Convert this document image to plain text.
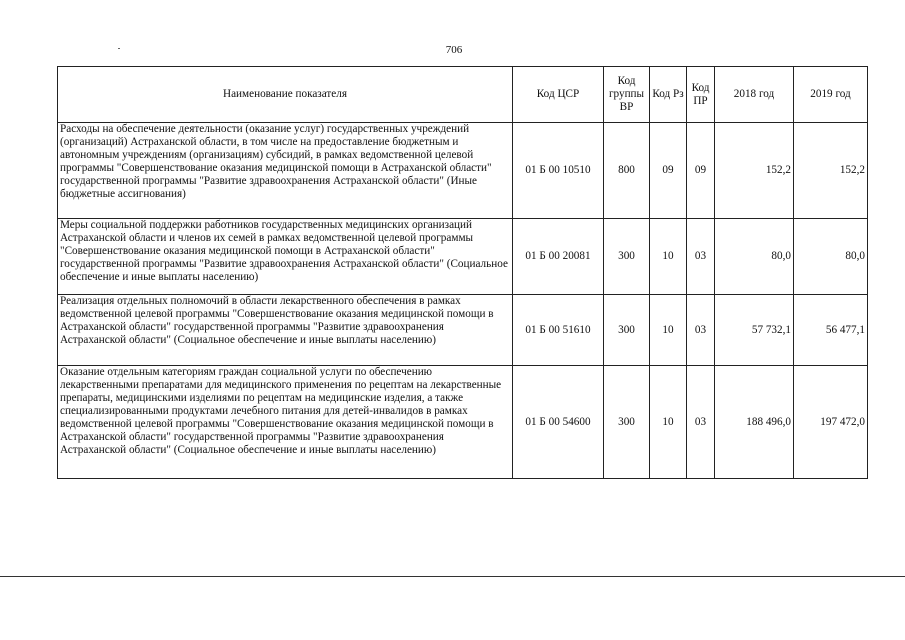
706
Наименование показателя	Код ЦСР	Код группы ВР	Код Рз	Код ПР	2018 год	2019 год
Расходы на обеспечение деятельности (оказание услуг) государственных учреждений (организаций) Астраханской области, в том числе на предоставление бюджетным и автономным учреждениям (организациям) субсидий, в рамках ведомственной целевой программы "Совершенствование оказания медицинской помощи в Астраханской области" государственной программы "Развитие здравоохранения Астраханской области" (Иные бюджетные ассигнования)	01 Б 00 10510	800	09	09	152,2	152,2
Меры социальной поддержки работников государственных медицинских организаций Астраханской области и членов их семей в рамках ведомственной целевой программы "Совершенствование оказания медицинской помощи в Астраханской области" государственной программы "Развитие здравоохранения Астраханской области" (Социальное обеспечение и иные выплаты населению)	01 Б 00 20081	300	10	03	80,0	80,0
Реализация отдельных полномочий в области лекарственного обеспечения в рамках ведомственной целевой программы "Совершенствование оказания медицинской помощи в Астраханской области" государственной программы "Развитие здравоохранения Астраханской области" (Социальное обеспечение и иные выплаты населению)	01 Б 00 51610	300	10	03	57 732,1	56 477,1
Оказание отдельным категориям граждан социальной услуги по обеспечению лекарственными препаратами для медицинского применения по рецептам на лекарственные препараты, медицинскими изделиями по рецептам на медицинские изделия, а также специализированными продуктами лечебного питания для детей-инвалидов в рамках ведомственной целевой программы "Совершенствование оказания медицинской помощи в Астраханской области" государственной программы "Развитие здравоохранения Астраханской области" (Социальное обеспечение и иные выплаты населению)	01 Б 00 54600	300	10	03	188 496,0	197 472,0
